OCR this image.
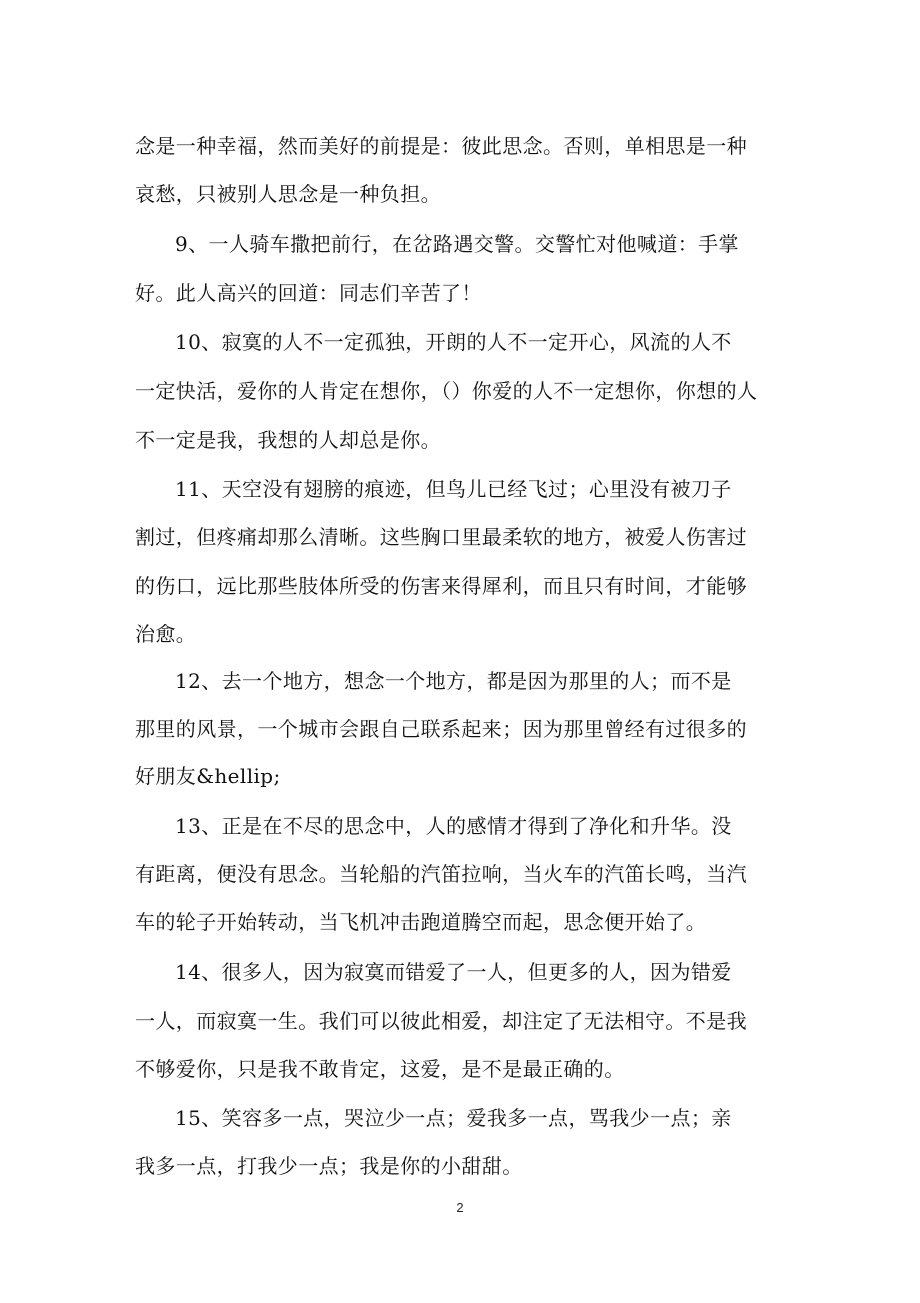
念是一种幸福，然而美好的前提是：彼此思念。否则，单相思是一种
哀愁，只被别人思念是一种负担。
9、一人骑车撒把前行，在岔路遇交警。交警忙对他喊道：手掌
好。此人高兴的回道：同志们辛苦了！
10、寂寞的人不一定孤独，开朗的人不一定开心，风流的人不
一定快活，爱你的人肯定在想你，（）你爱的人不一定想你，你想的人
不一定是我，我想的人却总是你。
11、天空没有翅膀的痕迹，但鸟儿已经飞过；心里没有被刀子
割过，但疼痛却那么清晰。这些胸口里最柔软的地方，被爱人伤害过
的伤口，远比那些肢体所受的伤害来得犀利，而且只有时间，才能够
治愈。
12、去一个地方，想念一个地方，都是因为那里的人；而不是
那里的风景，一个城市会跟自己联系起来；因为那里曾经有过很多的
好朋友&hellip;
13、正是在不尽的思念中，人的感情才得到了净化和升华。没
有距离，便没有思念。当轮船的汽笛拉响，当火车的汽笛长鸣，当汽
车的轮子开始转动，当飞机冲击跑道腾空而起，思念便开始了。
14、很多人，因为寂寞而错爱了一人，但更多的人，因为错爱
一人，而寂寞一生。我们可以彼此相爱，却注定了无法相守。不是我
不够爱你，只是我不敢肯定，这爱，是不是最正确的。
15、笑容多一点，哭泣少一点；爱我多一点，骂我少一点；亲
我多一点，打我少一点；我是你的小甜甜。
2
